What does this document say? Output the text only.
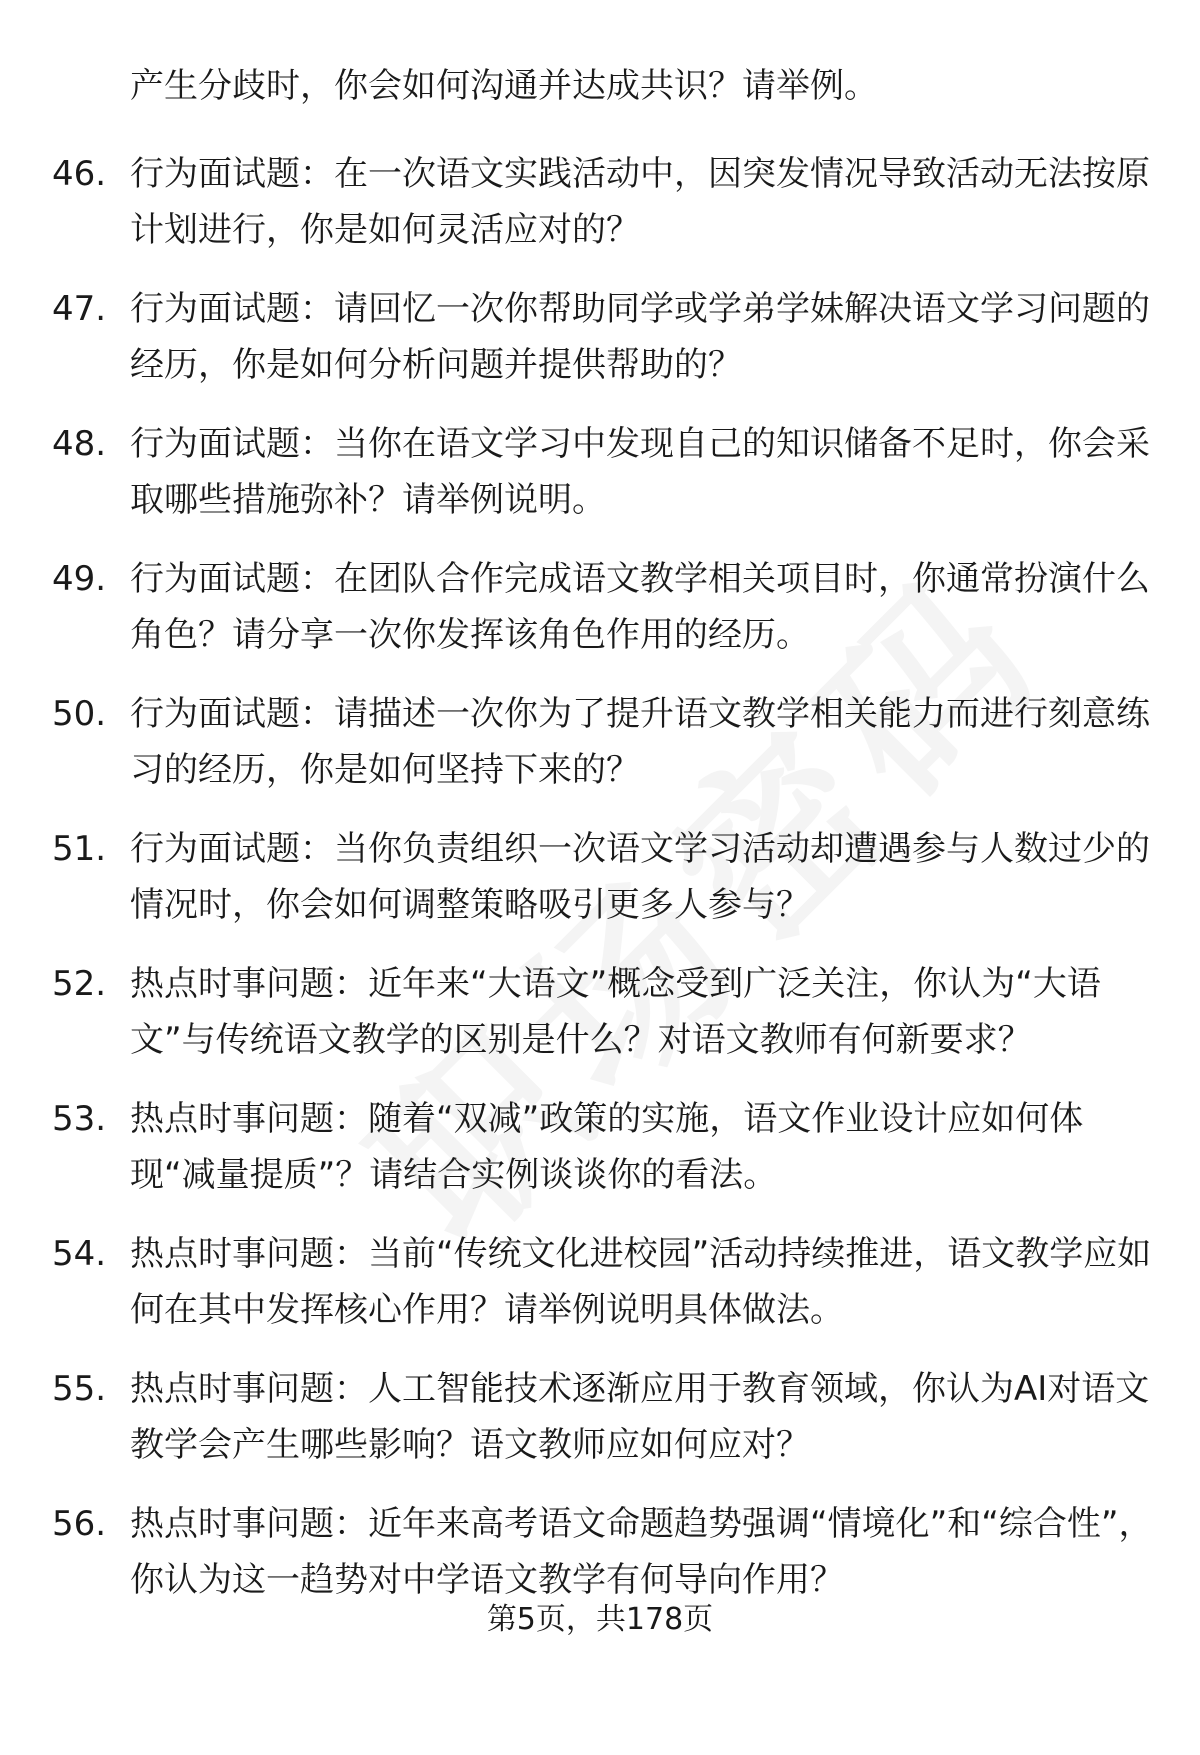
产生分歧时，你会如何沟通并达成共识？请举例。

46. 行为面试题：在一次语文实践活动中，因突发情况导致活动无法按原计划进行，你是如何灵活应对的？
47. 行为面试题：请回忆一次你帮助同学或学弟学妹解决语文学习问题的经历，你是如何分析问题并提供帮助的？
48. 行为面试题：当你在语文学习中发现自己的知识储备不足时，你会采取哪些措施弥补？请举例说明。
49. 行为面试题：在团队合作完成语文教学相关项目时，你通常扮演什么角色？请分享一次你发挥该角色作用的经历。
50. 行为面试题：请描述一次你为了提升语文教学相关能力而进行刻意练习的经历，你是如何坚持下来的？
51. 行为面试题：当你负责组织一次语文学习活动却遭遇参与人数过少的情况时，你会如何调整策略吸引更多人参与？
52. 热点时事问题：近年来“大语文”概念受到广泛关注，你认为“大语文”与传统语文教学的区别是什么？对语文教师有何新要求？
53. 热点时事问题：随着“双减”政策的实施，语文作业设计应如何体现“减量提质”？请结合实例谈谈你的看法。
54. 热点时事问题：当前“传统文化进校园”活动持续推进，语文教学应如何在其中发挥核心作用？请举例说明具体做法。
55. 热点时事问题：人工智能技术逐渐应用于教育领域，你认为AI对语文教学会产生哪些影响？语文教师应如何应对？
56. 热点时事问题：近年来高考语文命题趋势强调“情境化”和“综合性”，你认为这一趋势对中学语文教学有何导向作用？

第5页，共178页
